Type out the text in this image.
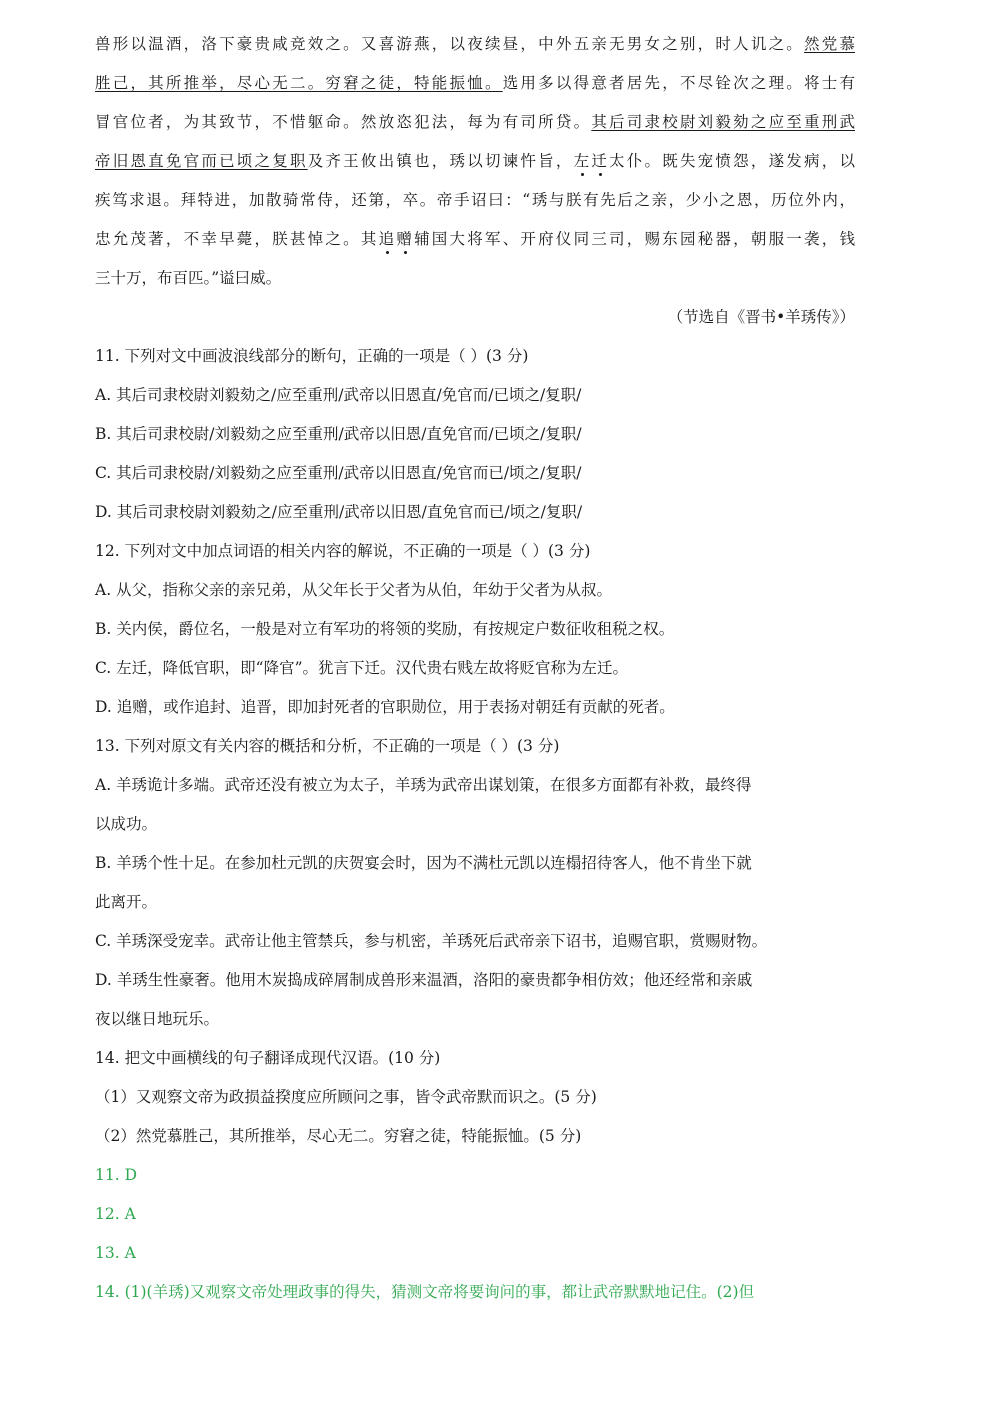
兽形以温酒，洛下豪贵咸竞效之。又喜游燕，以夜续昼，中外五亲无男女之别，时人讥之。然党慕
胜己，其所推举，尽心无二。穷窘之徒，特能振恤。选用多以得意者居先，不尽铨次之理。将士有
冒官位者，为其致节，不惜躯命。然放恣犯法，每为有司所贷。其后司隶校尉刘毅劾之应至重刑武
帝旧恩直免官而已顷之复职及齐王攸出镇也，琇以切谏忤旨，左迁太仆。既失宠愤怨，遂发病，以
疾笃求退。拜特进，加散骑常侍，还第，卒。帝手诏曰：“琇与朕有先后之亲，少小之恩，历位外内，
忠允茂著，不幸早薨，朕甚悼之。其追赠辅国大将军、开府仪同三司，赐东园秘器，朝服一袭，钱
三十万，布百匹。”谥曰威。
（节选自《晋书•羊琇传》）
11. 下列对文中画波浪线部分的断句，正确的一项是（ ）(3 分)
A. 其后司隶校尉刘毅劾之/应至重刑/武帝以旧恩直/免官而/已顷之/复职/
B. 其后司隶校尉/刘毅劾之应至重刑/武帝以旧恩/直免官而/已顷之/复职/
C. 其后司隶校尉/刘毅劾之应至重刑/武帝以旧恩直/免官而已/顷之/复职/
D. 其后司隶校尉刘毅劾之/应至重刑/武帝以旧恩/直免官而已/顷之/复职/
12. 下列对文中加点词语的相关内容的解说，不正确的一项是（ ）(3 分)
A. 从父，指称父亲的亲兄弟，从父年长于父者为从伯，年幼于父者为从叔。
B. 关内侯，爵位名，一般是对立有军功的将领的奖励，有按规定户数征收租税之权。
C. 左迁，降低官职，即“降官”。犹言下迁。汉代贵右贱左故将贬官称为左迁。
D. 追赠，或作追封、追晋，即加封死者的官职勋位，用于表扬对朝廷有贡献的死者。
13. 下列对原文有关内容的概括和分析，不正确的一项是（ ）(3 分)
A. 羊琇诡计多端。武帝还没有被立为太子，羊琇为武帝出谋划策，在很多方面都有补救，最终得
以成功。
B. 羊琇个性十足。在参加杜元凯的庆贺宴会时，因为不满杜元凯以连榻招待客人，他不肯坐下就
此离开。
C. 羊琇深受宠幸。武帝让他主管禁兵，参与机密，羊琇死后武帝亲下诏书，追赐官职，赏赐财物。
D. 羊琇生性豪奢。他用木炭捣成碎屑制成兽形来温酒，洛阳的豪贵都争相仿效；他还经常和亲戚
夜以继日地玩乐。
14. 把文中画横线的句子翻译成现代汉语。(10 分)
（1）又观察文帝为政损益揆度应所顾问之事，皆令武帝默而识之。(5 分)
（2）然党慕胜己，其所推举，尽心无二。穷窘之徒，特能振恤。(5 分)
11. D
12. A
13. A
14. (1)(羊琇)又观察文帝处理政事的得失，猜测文帝将要询问的事，都让武帝默默地记住。(2)但
